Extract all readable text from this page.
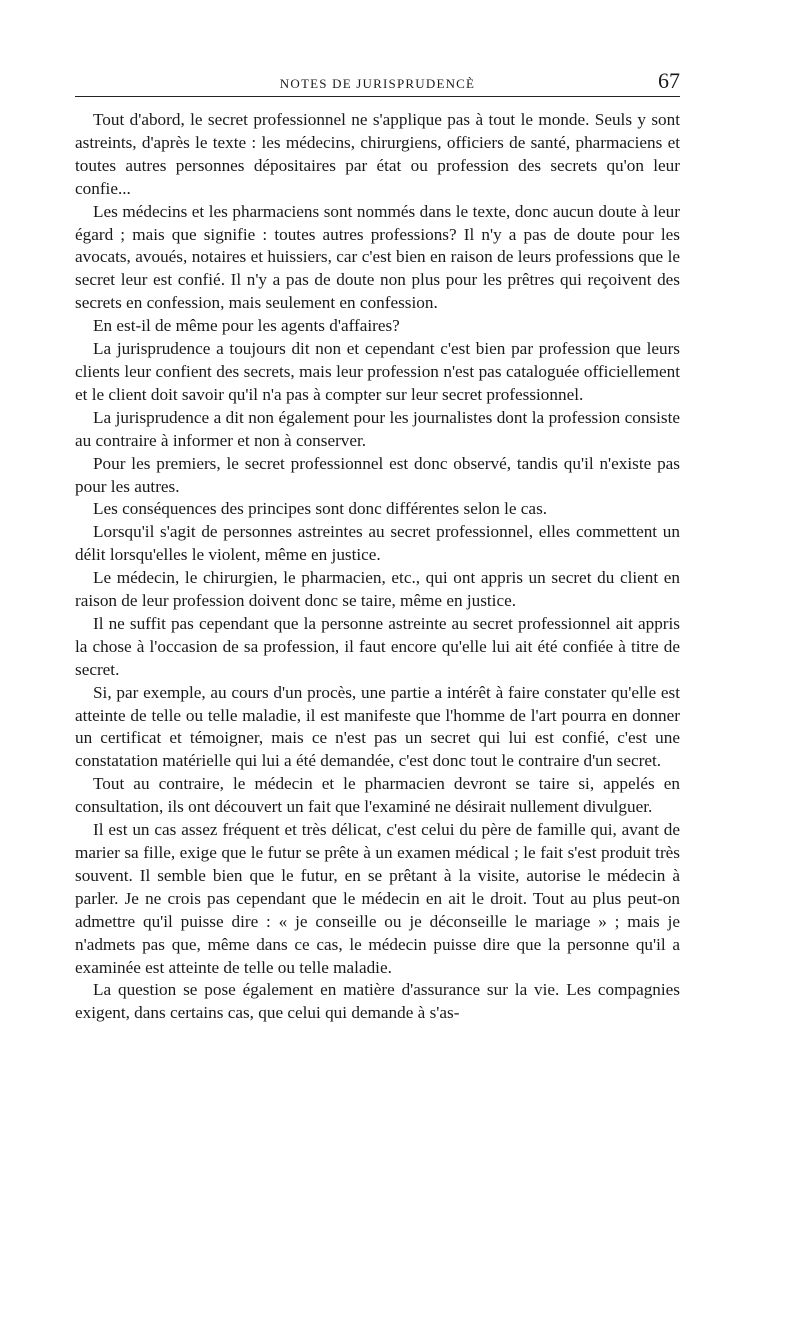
NOTES DE JURISPRUDENCÈ	67

Tout d'abord, le secret professionnel ne s'applique pas à tout le monde. Seuls y sont astreints, d'après le texte : les médecins, chirurgiens, officiers de santé, pharmaciens et toutes autres personnes dépositaires par état ou profession des secrets qu'on leur confie...

Les médecins et les pharmaciens sont nommés dans le texte, donc aucun doute à leur égard ; mais que signifie : toutes autres professions? Il n'y a pas de doute pour les avocats, avoués, notaires et huissiers, car c'est bien en raison de leurs professions que le secret leur est confié. Il n'y a pas de doute non plus pour les prêtres qui reçoivent des secrets en confession, mais seulement en confession.

En est-il de même pour les agents d'affaires?

La jurisprudence a toujours dit non et cependant c'est bien par profession que leurs clients leur confient des secrets, mais leur profession n'est pas cataloguée officiellement et le client doit savoir qu'il n'a pas à compter sur leur secret professionnel.

La jurisprudence a dit non également pour les journalistes dont la profession consiste au contraire à informer et non à conserver.

Pour les premiers, le secret professionnel est donc observé, tandis qu'il n'existe pas pour les autres.

Les conséquences des principes sont donc différentes selon le cas.

Lorsqu'il s'agit de personnes astreintes au secret professionnel, elles commettent un délit lorsqu'elles le violent, même en justice.

Le médecin, le chirurgien, le pharmacien, etc., qui ont appris un secret du client en raison de leur profession doivent donc se taire, même en justice.

Il ne suffit pas cependant que la personne astreinte au secret professionnel ait appris la chose à l'occasion de sa profession, il faut encore qu'elle lui ait été confiée à titre de secret.

Si, par exemple, au cours d'un procès, une partie a intérêt à faire constater qu'elle est atteinte de telle ou telle maladie, il est manifeste que l'homme de l'art pourra en donner un certificat et témoigner, mais ce n'est pas un secret qui lui est confié, c'est une constatation matérielle qui lui a été demandée, c'est donc tout le contraire d'un secret.

Tout au contraire, le médecin et le pharmacien devront se taire si, appelés en consultation, ils ont découvert un fait que l'examiné ne désirait nullement divulguer.

Il est un cas assez fréquent et très délicat, c'est celui du père de famille qui, avant de marier sa fille, exige que le futur se prête à un examen médical ; le fait s'est produit très souvent. Il semble bien que le futur, en se prêtant à la visite, autorise le médecin à parler. Je ne crois pas cependant que le médecin en ait le droit. Tout au plus peut-on admettre qu'il puisse dire : « je conseille ou je déconseille le mariage » ; mais je n'admets pas que, même dans ce cas, le médecin puisse dire que la personne qu'il a examinée est atteinte de telle ou telle maladie.

La question se pose également en matière d'assurance sur la vie. Les compagnies exigent, dans certains cas, que celui qui demande à s'as-
